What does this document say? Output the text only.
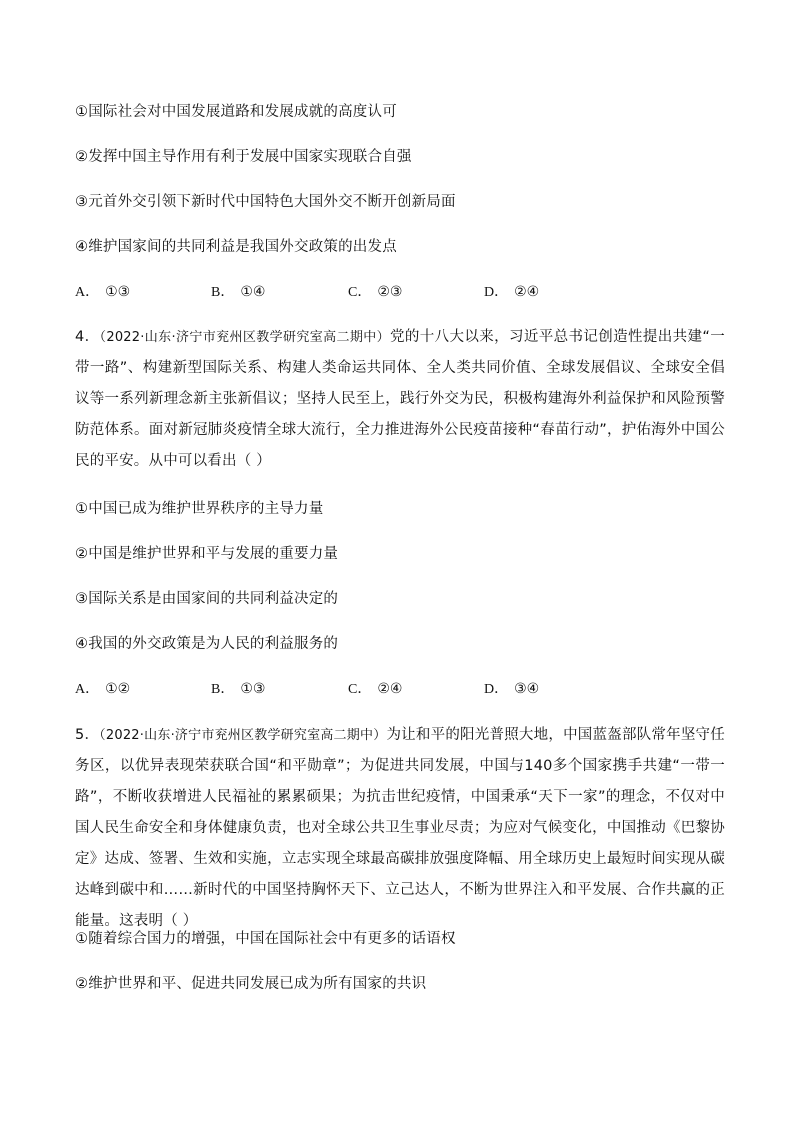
①国际社会对中国发展道路和发展成就的高度认可
②发挥中国主导作用有利于发展中国家实现联合自强
③元首外交引领下新时代中国特色大国外交不断开创新局面
④维护国家间的共同利益是我国外交政策的出发点
A． ①③	B． ①④	C． ②③	D． ②④
4．（2022·山东·济宁市兖州区教学研究室高二期中）党的十八大以来，习近平总书记创造性提出共建“一带一路”、构建新型国际关系、构建人类命运共同体、全人类共同价值、全球发展倡议、全球安全倡议等一系列新理念新主张新倡议；坚持人民至上，践行外交为民，积极构建海外利益保护和风险预警防范体系。面对新冠肺炎疫情全球大流行，全力推进海外公民疫苗接种“春苗行动”，护佑海外中国公民的平安。从中可以看出（ ）
①中国已成为维护世界秩序的主导力量
②中国是维护世界和平与发展的重要力量
③国际关系是由国家间的共同利益决定的
④我国的外交政策是为人民的利益服务的
A． ①②	B． ①③	C． ②④	D． ③④
5．（2022·山东·济宁市兖州区教学研究室高二期中）为让和平的阳光普照大地，中国蓝盔部队常年坚守任务区，以优异表现荣获联合国“和平勋章”；为促进共同发展，中国与140多个国家携手共建“一带一路”，不断收获增进人民福祉的累累硕果；为抗击世纪疫情，中国秉承“天下一家”的理念，不仅对中国人民生命安全和身体健康负责，也对全球公共卫生事业尽责；为应对气候变化，中国推动《巴黎协定》达成、签署、生效和实施，立志实现全球最高碳排放强度降幅、用全球历史上最短时间实现从碳达峰到碳中和……新时代的中国坚持胸怀天下、立己达人，不断为世界注入和平发展、合作共赢的正能量。这表明（ ）
①随着综合国力的增强，中国在国际社会中有更多的话语权
②维护世界和平、促进共同发展已成为所有国家的共识
